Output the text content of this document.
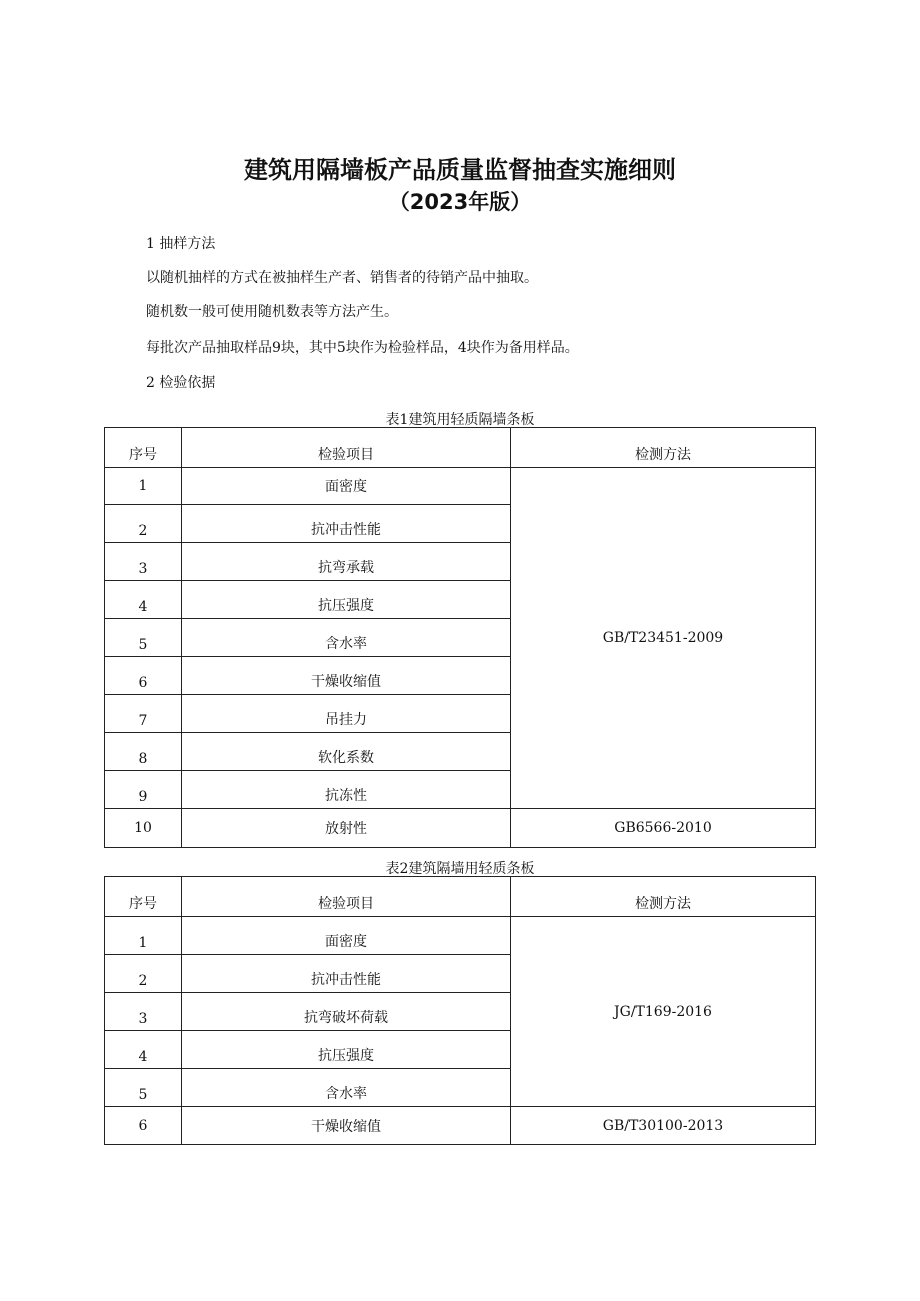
建筑用隔墙板产品质量监督抽查实施细则
（2023年版）

1 抽样方法

以随机抽样的方式在被抽样生产者、销售者的待销产品中抽取。

随机数一般可使用随机数表等方法产生。

每批次产品抽取样品9块，其中5块作为检验样品，4块作为备用样品。

2 检验依据

表1建筑用轻质隔墙条板

序号	检验项目	检测方法
1	面密度	GB/T23451-2009
2	抗冲击性能	
3	抗弯承载	
4	抗压强度	
5	含水率	
6	干燥收缩值	
7	吊挂力	
8	软化系数	
9	抗冻性	
10	放射性	GB6566-2010

表2建筑隔墙用轻质条板

序号	检验项目	检测方法
1	面密度	JG/T169-2016
2	抗冲击性能	
3	抗弯破坏荷载	
4	抗压强度	
5	含水率	
6	干燥收缩值	GB/T30100-2013
